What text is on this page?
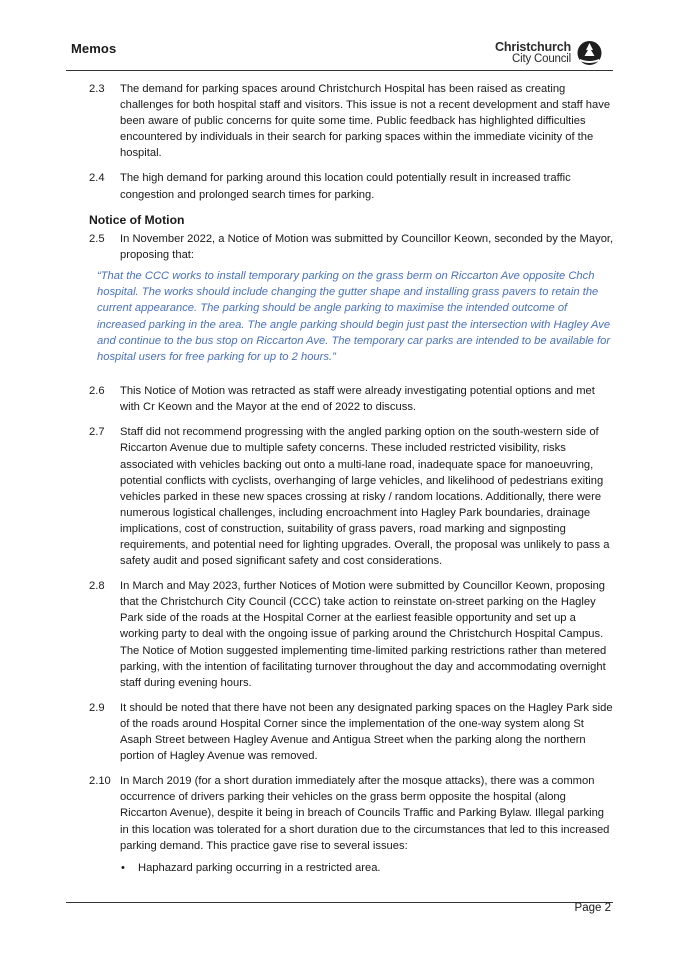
Memos	Christchurch
City Council
2.3 The demand for parking spaces around Christchurch Hospital has been raised as creating challenges for both hospital staff and visitors. This issue is not a recent development and staff have been aware of public concerns for quite some time. Public feedback has highlighted difficulties encountered by individuals in their search for parking spaces within the immediate vicinity of the hospital.
2.4 The high demand for parking around this location could potentially result in increased traffic congestion and prolonged search times for parking.
Notice of Motion
2.5 In November 2022, a Notice of Motion was submitted by Councillor Keown, seconded by the Mayor, proposing that:
“That the CCC works to install temporary parking on the grass berm on Riccarton Ave opposite Chch hospital. The works should include changing the gutter shape and installing grass pavers to retain the current appearance. The parking should be angle parking to maximise the intended outcome of increased parking in the area. The angle parking should begin just past the intersection with Hagley Ave and continue to the bus stop on Riccarton Ave. The temporary car parks are intended to be available for hospital users for free parking for up to 2 hours.”
2.6 This Notice of Motion was retracted as staff were already investigating potential options and met with Cr Keown and the Mayor at the end of 2022 to discuss.
2.7 Staff did not recommend progressing with the angled parking option on the south-western side of Riccarton Avenue due to multiple safety concerns. These included restricted visibility, risks associated with vehicles backing out onto a multi-lane road, inadequate space for manoeuvring, potential conflicts with cyclists, overhanging of large vehicles, and likelihood of pedestrians exiting vehicles parked in these new spaces crossing at risky / random locations. Additionally, there were numerous logistical challenges, including encroachment into Hagley Park boundaries, drainage implications, cost of construction, suitability of grass pavers, road marking and signposting requirements, and potential need for lighting upgrades. Overall, the proposal was unlikely to pass a safety audit and posed significant safety and cost considerations.
2.8 In March and May 2023, further Notices of Motion were submitted by Councillor Keown, proposing that the Christchurch City Council (CCC) take action to reinstate on-street parking on the Hagley Park side of the roads at the Hospital Corner at the earliest feasible opportunity and set up a working party to deal with the ongoing issue of parking around the Christchurch Hospital Campus. The Notice of Motion suggested implementing time-limited parking restrictions rather than metered parking, with the intention of facilitating turnover throughout the day and accommodating overnight staff during evening hours.
2.9 It should be noted that there have not been any designated parking spaces on the Hagley Park side of the roads around Hospital Corner since the implementation of the one-way system along St Asaph Street between Hagley Avenue and Antigua Street when the parking along the northern portion of Hagley Avenue was removed.
2.10 In March 2019 (for a short duration immediately after the mosque attacks), there was a common occurrence of drivers parking their vehicles on the grass berm opposite the hospital (along Riccarton Avenue), despite it being in breach of Councils Traffic and Parking Bylaw. Illegal parking in this location was tolerated for a short duration due to the circumstances that led to this increased parking demand. This practice gave rise to several issues:
• Haphazard parking occurring in a restricted area.
Page 2
